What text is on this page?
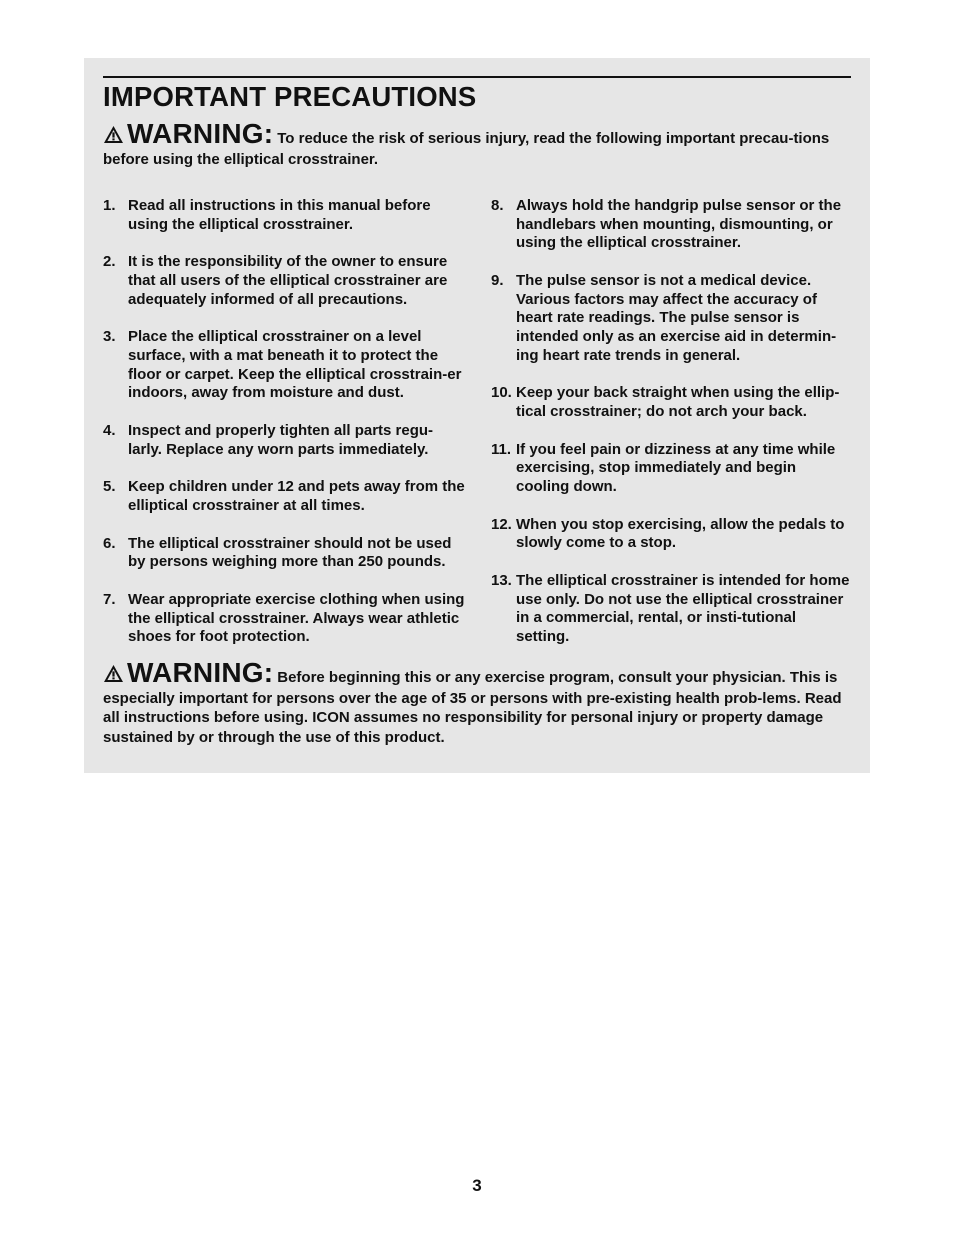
IMPORTANT PRECAUTIONS
WARNING: To reduce the risk of serious injury, read the following important precau-tions before using the elliptical crosstrainer.
1. Read all instructions in this manual before using the elliptical crosstrainer.
2. It is the responsibility of the owner to ensure that all users of the elliptical crosstrainer are adequately informed of all precautions.
3. Place the elliptical crosstrainer on a level surface, with a mat beneath it to protect the floor or carpet. Keep the elliptical crosstrain-er indoors, away from moisture and dust.
4. Inspect and properly tighten all parts regu-larly. Replace any worn parts immediately.
5. Keep children under 12 and pets away from the elliptical crosstrainer at all times.
6. The elliptical crosstrainer should not be used by persons weighing more than 250 pounds.
7. Wear appropriate exercise clothing when using the elliptical crosstrainer. Always wear athletic shoes for foot protection.
8. Always hold the handgrip pulse sensor or the handlebars when mounting, dismounting, or using the elliptical crosstrainer.
9. The pulse sensor is not a medical device. Various factors may affect the accuracy of heart rate readings. The pulse sensor is intended only as an exercise aid in determin-ing heart rate trends in general.
10. Keep your back straight when using the ellip-tical crosstrainer; do not arch your back.
11. If you feel pain or dizziness at any time while exercising, stop immediately and begin cooling down.
12. When you stop exercising, allow the pedals to slowly come to a stop.
13. The elliptical crosstrainer is intended for home use only. Do not use the elliptical crosstrainer in a commercial, rental, or insti-tutional setting.
WARNING: Before beginning this or any exercise program, consult your physician. This is especially important for persons over the age of 35 or persons with pre-existing health prob-lems. Read all instructions before using. ICON assumes no responsibility for personal injury or property damage sustained by or through the use of this product.
3
